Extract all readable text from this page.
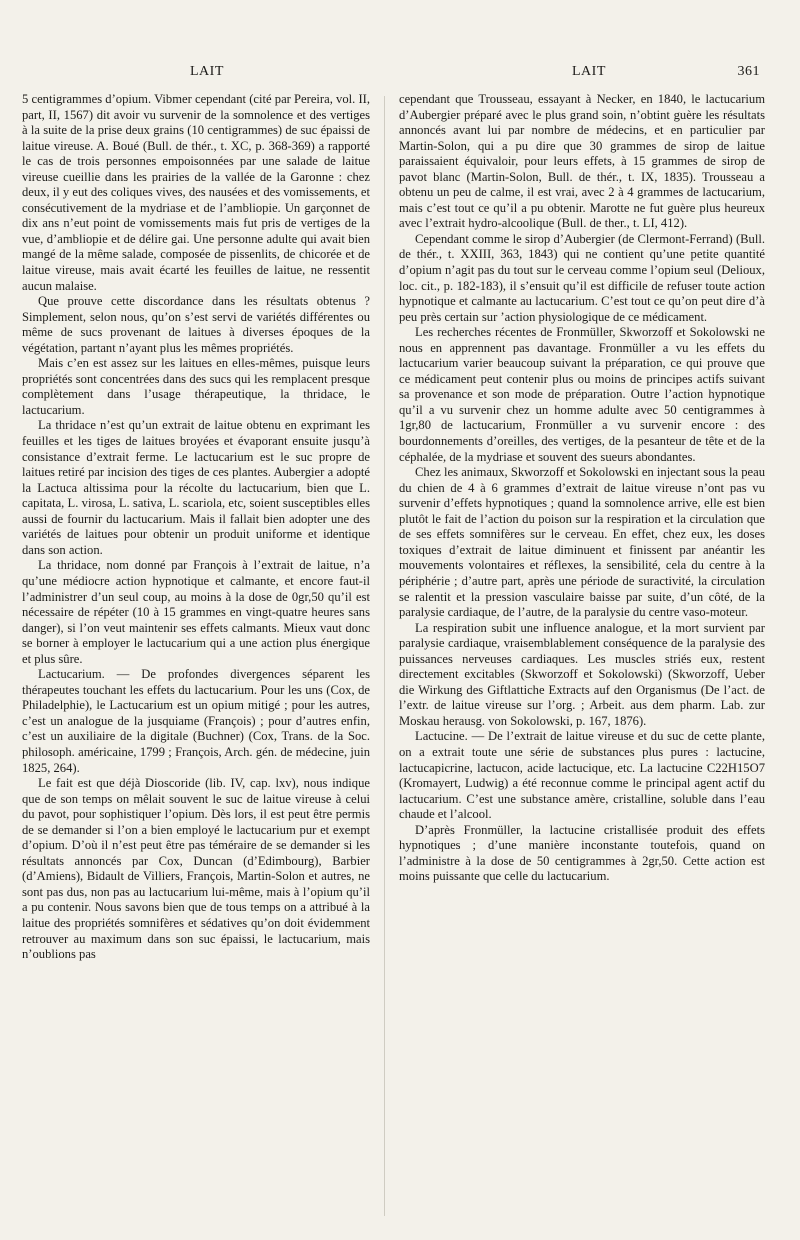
LAIT	LAIT	361

5 centigrammes d’opium. Vibmer cependant (cité par Pereira, vol. II, part, II, 1567) dit avoir vu survenir de la somnolence et des vertiges à la suite de la prise deux grains (10 centigrammes) de suc épaissi de laitue vireuse. A. Boué (Bull. de thér., t. XC, p. 368-369) a rapporté le cas de trois personnes empoisonnées par une salade de laitue vireuse cueillie dans les prairies de la vallée de la Garonne : chez deux, il y eut des coliques vives, des nausées et des vomissements, et consécutivement de la mydriase et de l’ambliopie. Un garçonnet de dix ans n’eut point de vomissements mais fut pris de vertiges de la vue, d’ambliopie et de délire gai. Une personne adulte qui avait bien mangé de la même salade, composée de pissenlits, de chicorée et de laitue vireuse, mais avait écarté les feuilles de laitue, ne ressentit aucun malaise.

Que prouve cette discordance dans les résultats obtenus ? Simplement, selon nous, qu’on s’est servi de variétés différentes ou même de sucs provenant de laitues à diverses époques de la végétation, partant n’ayant plus les mêmes propriétés.

Mais c’en est assez sur les laitues en elles-mêmes, puisque leurs propriétés sont concentrées dans des sucs qui les remplacent presque complètement dans l’usage thérapeutique, la thridace, le lactucarium.

La thridace n’est qu’un extrait de laitue obtenu en exprimant les feuilles et les tiges de laitues broyées et évaporant ensuite jusqu’à consistance d’extrait ferme. Le lactucarium est le suc propre de laitues retiré par incision des tiges de ces plantes. Aubergier a adopté la Lactuca altissima pour la récolte du lactucarium, bien que L. capitata, L. virosa, L. sativa, L. scariola, etc, soient susceptibles elles aussi de fournir du lactucarium. Mais il fallait bien adopter une des variétés de laitues pour obtenir un produit uniforme et identique dans son action.

La thridace, nom donné par François à l’extrait de laitue, n’a qu’une médiocre action hypnotique et calmante, et encore faut-il l’administrer d’un seul coup, au moins à la dose de 0gr,50 qu’il est nécessaire de répéter (10 à 15 grammes en vingt-quatre heures sans danger), si l’on veut maintenir ses effets calmants. Mieux vaut donc se borner à employer le lactucarium qui a une action plus énergique et plus sûre.

Lactucarium. — De profondes divergences séparent les thérapeutes touchant les effets du lactucarium. Pour les uns (Cox, de Philadelphie), le Lactucarium est un opium mitigé ; pour les autres, c’est un analogue de la jusquiame (François) ; pour d’autres enfin, c’est un auxiliaire de la digitale (Buchner) (Cox, Trans. de la Soc. philosoph. américaine, 1799 ; François, Arch. gén. de médecine, juin 1825, 264).

Le fait est que déjà Dioscoride (lib. IV, cap. lxv), nous indique que de son temps on mêlait souvent le suc de laitue vireuse à celui du pavot, pour sophistiquer l’opium. Dès lors, il est peut être permis de se demander si l’on a bien employé le lactucarium pur et exempt d’opium. D’où il n’est peut être pas téméraire de se demander si les résultats annoncés par Cox, Duncan (d’Edimbourg), Barbier (d’Amiens), Bidault de Villiers, François, Martin-Solon et autres, ne sont pas dus, non pas au lactucarium lui-même, mais à l’opium qu’il a pu contenir. Nous savons bien que de tous temps on a attribué à la laitue des propriétés somnifères et sédatives qu’on doit évidemment retrouver au maximum dans son suc épaissi, le lactucarium, mais n’oublions pas

cependant que Trousseau, essayant à Necker, en 1840, le lactucarium d’Aubergier préparé avec le plus grand soin, n’obtint guère les résultats annoncés avant lui par nombre de médecins, et en particulier par Martin-Solon, qui a pu dire que 30 grammes de sirop de laitue paraissaient équivaloir, pour leurs effets, à 15 grammes de sirop de pavot blanc (Martin-Solon, Bull. de thér., t. IX, 1835). Trousseau a obtenu un peu de calme, il est vrai, avec 2 à 4 grammes de lactucarium, mais c’est tout ce qu’il a pu obtenir. Marotte ne fut guère plus heureux avec l’extrait hydro-alcoolique (Bull. de ther., t. LI, 412).

Cependant comme le sirop d’Aubergier (de Clermont-Ferrand) (Bull. de thér., t. XXIII, 363, 1843) qui ne contient qu’une petite quantité d’opium n’agit pas du tout sur le cerveau comme l’opium seul (Delioux, loc. cit., p. 182-183), il s’ensuit qu’il est difficile de refuser toute action hypnotique et calmante au lactucarium. C’est tout ce qu’on peut dire d’à peu près certain sur ’action physiologique de ce médicament.

Les recherches récentes de Fronmüller, Skworzoff et Sokolowski ne nous en apprennent pas davantage. Fronmüller a vu les effets du lactucarium varier beaucoup suivant la préparation, ce qui prouve que ce médicament peut contenir plus ou moins de principes actifs suivant sa provenance et son mode de préparation. Outre l’action hypnotique qu’il a vu survenir chez un homme adulte avec 50 centigrammes à 1gr,80 de lactucarium, Fronmüller a vu survenir encore : des bourdonnements d’oreilles, des vertiges, de la pesanteur de tête et de la céphalée, de la mydriase et souvent des sueurs abondantes.

Chez les animaux, Skworzoff et Sokolowski en injectant sous la peau du chien de 4 à 6 grammes d’extrait de laitue vireuse n’ont pas vu survenir d’effets hypnotiques ; quand la somnolence arrive, elle est bien plutôt le fait de l’action du poison sur la respiration et la circulation que de ses effets somnifères sur le cerveau. En effet, chez eux, les doses toxiques d’extrait de laitue diminuent et finissent par anéantir les mouvements volontaires et réflexes, la sensibilité, cela du centre à la périphérie ; d’autre part, après une période de suractivité, la circulation se ralentit et la pression vasculaire baisse par suite, d’un côté, de la paralysie cardiaque, de l’autre, de la paralysie du centre vaso-moteur.

La respiration subit une influence analogue, et la mort survient par paralysie cardiaque, vraisemblablement conséquence de la paralysie des puissances nerveuses cardiaques. Les muscles striés eux, restent directement excitables (Skworzoff et Sokolowski) (Skworzoff, Ueber die Wirkung des Giftlattiche Extracts auf den Organismus (De l’act. de l’extr. de laitue vireuse sur l’org. ; Arbeit. aus dem pharm. Lab. zur Moskau herausg. von Sokolowski, p. 167, 1876).

Lactucine. — De l’extrait de laitue vireuse et du suc de cette plante, on a extrait toute une série de substances plus pures : lactucine, lactucapicrine, lactucon, acide lactucique, etc. La lactucine C22H15O7 (Kromayert, Ludwig) a été reconnue comme le principal agent actif du lactucarium. C’est une substance amère, cristalline, soluble dans l’eau chaude et l’alcool.

D’après Fronmüller, la lactucine cristallisée produit des effets hypnotiques ; d’une manière inconstante toutefois, quand on l’administre à la dose de 50 centigrammes à 2gr,50. Cette action est moins puissante que celle du lactucarium.
